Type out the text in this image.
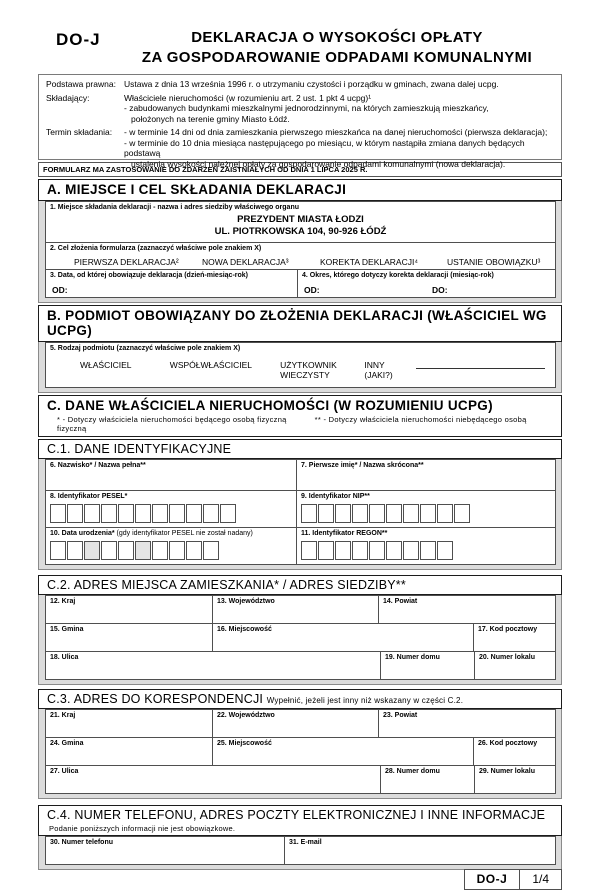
DO-J	DEKLARACJA O WYSOKOŚCI OPŁATY
ZA GOSPODAROWANIE ODPADAMI KOMUNALNYMI
Podstawa prawna: Ustawa z dnia 13 września 1996 r. o utrzymaniu czystości i porządku w gminach, zwana dalej ucpg.
Składający:	Właściciele nieruchomości (w rozumieniu art. 2 ust. 1 pkt 4 ucpg)¹
- zabudowanych budynkami mieszkalnymi jednorodzinnymi, na których zamieszkują mieszkańcy,
położonych na terenie gminy Miasto Łódź.
Termin składania:	- w terminie 14 dni od dnia zamieszkania pierwszego mieszkańca na danej nieruchomości (pierwsza deklaracja);
- w terminie do 10 dnia miesiąca następującego po miesiącu, w którym nastąpiła zmiana danych będących podstawą
ustalenia wysokości należnej opłaty za gospodarowanie odpadami komunalnymi (nowa deklaracja).
FORMULARZ MA ZASTOSOWANIE DO ZDARZEŃ ZAISTNIAŁYCH OD DNIA 1 LIPCA 2025 R.
A. MIEJSCE I CEL SKŁADANIA DEKLARACJI
1. Miejsce składania deklaracji - nazwa i adres siedziby właściwego organu
PREZYDENT MIASTA ŁODZI
UL. PIOTRKOWSKA 104, 90-926 ŁÓDŹ
2. Cel złożenia formularza (zaznaczyć właściwe pole znakiem X)
PIERWSZA DEKLARACJA²	NOWA DEKLARACJA³	KOREKTA DEKLARACJI⁴	USTANIE OBOWIĄZKU³
3. Data, od której obowiązuje deklaracja (dzień-miesiąc-rok)
OD:
4. Okres, którego dotyczy korekta deklaracji (miesiąc-rok)
OD:	DO:
B. PODMIOT OBOWIĄZANY DO ZŁOŻENIA DEKLARACJI (WŁAŚCICIEL WG UCPG)
5. Rodzaj podmiotu (zaznaczyć właściwe pole znakiem X)
WŁAŚCICIEL	WSPÓŁWŁAŚCICIEL	UŻYTKOWNIK WIECZYSTY
INNY (JAKI?)
C. DANE WŁAŚCICIELA NIERUCHOMOŚCI (W ROZUMIENIU UCPG)
* - Dotyczy właściciela nieruchomości będącego osobą fizyczną	** - Dotyczy właściciela nieruchomości niebędącego osobą fizyczną
C.1. DANE IDENTYFIKACYJNE
6. Nazwisko* / Nazwa pełna**	7. Pierwsze imię* / Nazwa skrócona**
8. Identyfikator PESEL*	9. Identyfikator NIP**
10. Data urodzenia* (gdy identyfikator PESEL nie został nadany)	11. Identyfikator REGON**
C.2. ADRES MIEJSCA ZAMIESZKANIA* / ADRES SIEDZIBY**
12. Kraj	13. Województwo	14. Powiat
15. Gmina	16. Miejscowość	17. Kod pocztowy
18. Ulica	19. Numer domu	20. Numer lokalu
C.3. ADRES DO KORESPONDENCJI Wypełnić, jeżeli jest inny niż wskazany w części C.2.
21. Kraj	22. Województwo	23. Powiat
24. Gmina	25. Miejscowość	26. Kod pocztowy
27. Ulica	28. Numer domu	29. Numer lokalu
C.4. NUMER TELEFONU, ADRES POCZTY ELEKTRONICZNEJ I INNE INFORMACJE
Podanie poniższych informacji nie jest obowiązkowe.
30. Numer telefonu	31. E-mail
DO-J	1/4
